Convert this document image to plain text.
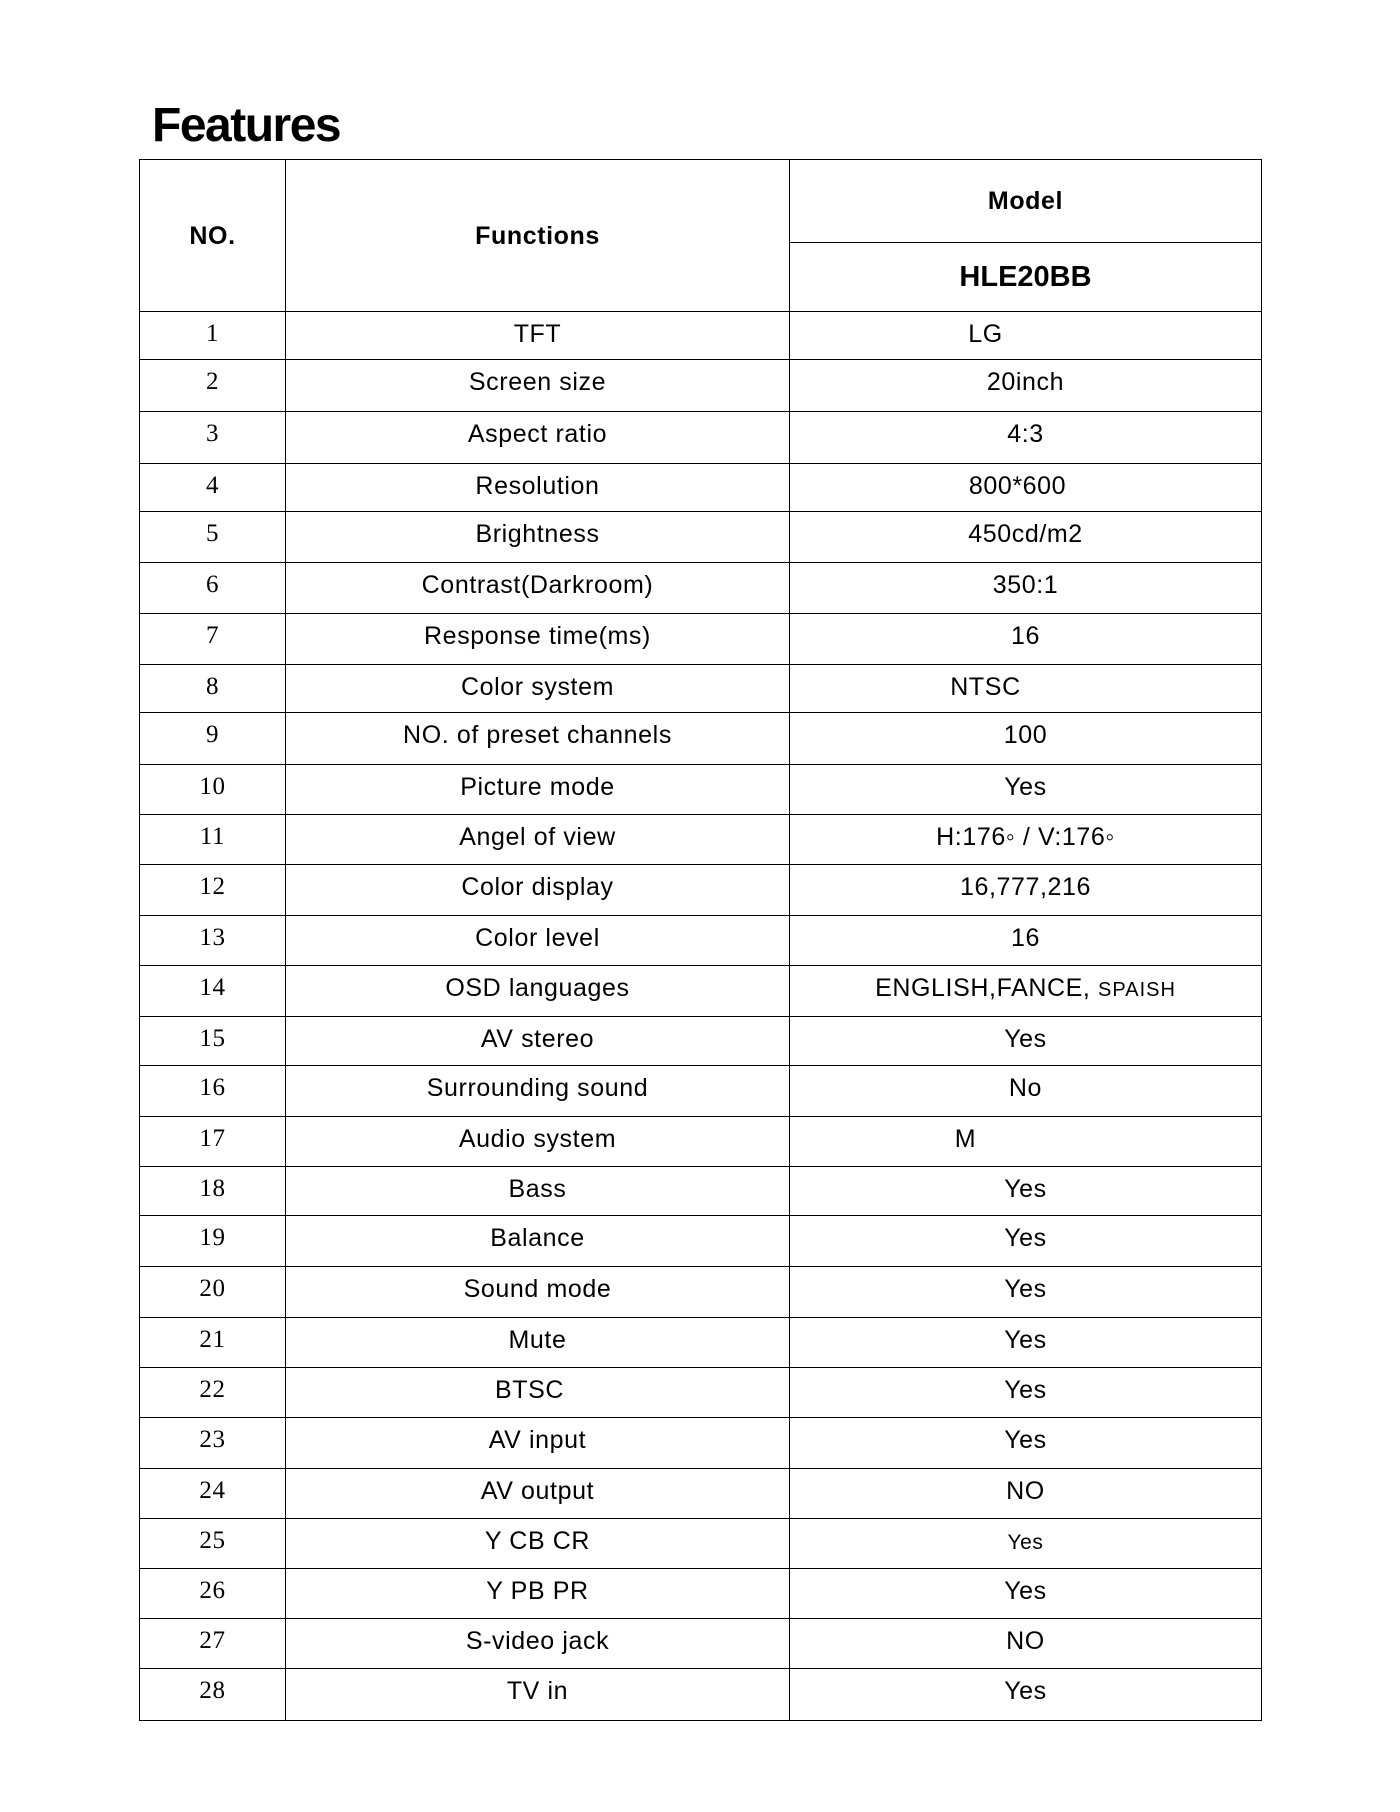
Features
NO.	Functions	Model
		HLE20BB
1	TFT	LG
2	Screen size	20inch
3	Aspect ratio	4:3
4	Resolution	800*600
5	Brightness	450cd/m2
6	Contrast(Darkroom)	350:1
7	Response time(ms)	16
8	Color system	NTSC
9	NO. of preset channels	100
10	Picture mode	Yes
11	Angel of view	H:176◦ / V:176◦
12	Color display	16,777,216
13	Color level	16
14	OSD languages	ENGLISH,FANCE, SPAISH
15	AV stereo	Yes
16	Surrounding sound	No
17	Audio system	M
18	Bass	Yes
19	Balance	Yes
20	Sound mode	Yes
21	Mute	Yes
22	BTSC	Yes
23	AV input	Yes
24	AV output	NO
25	Y CB CR	Yes
26	Y PB PR	Yes
27	S-video jack	NO
28	TV in	Yes
